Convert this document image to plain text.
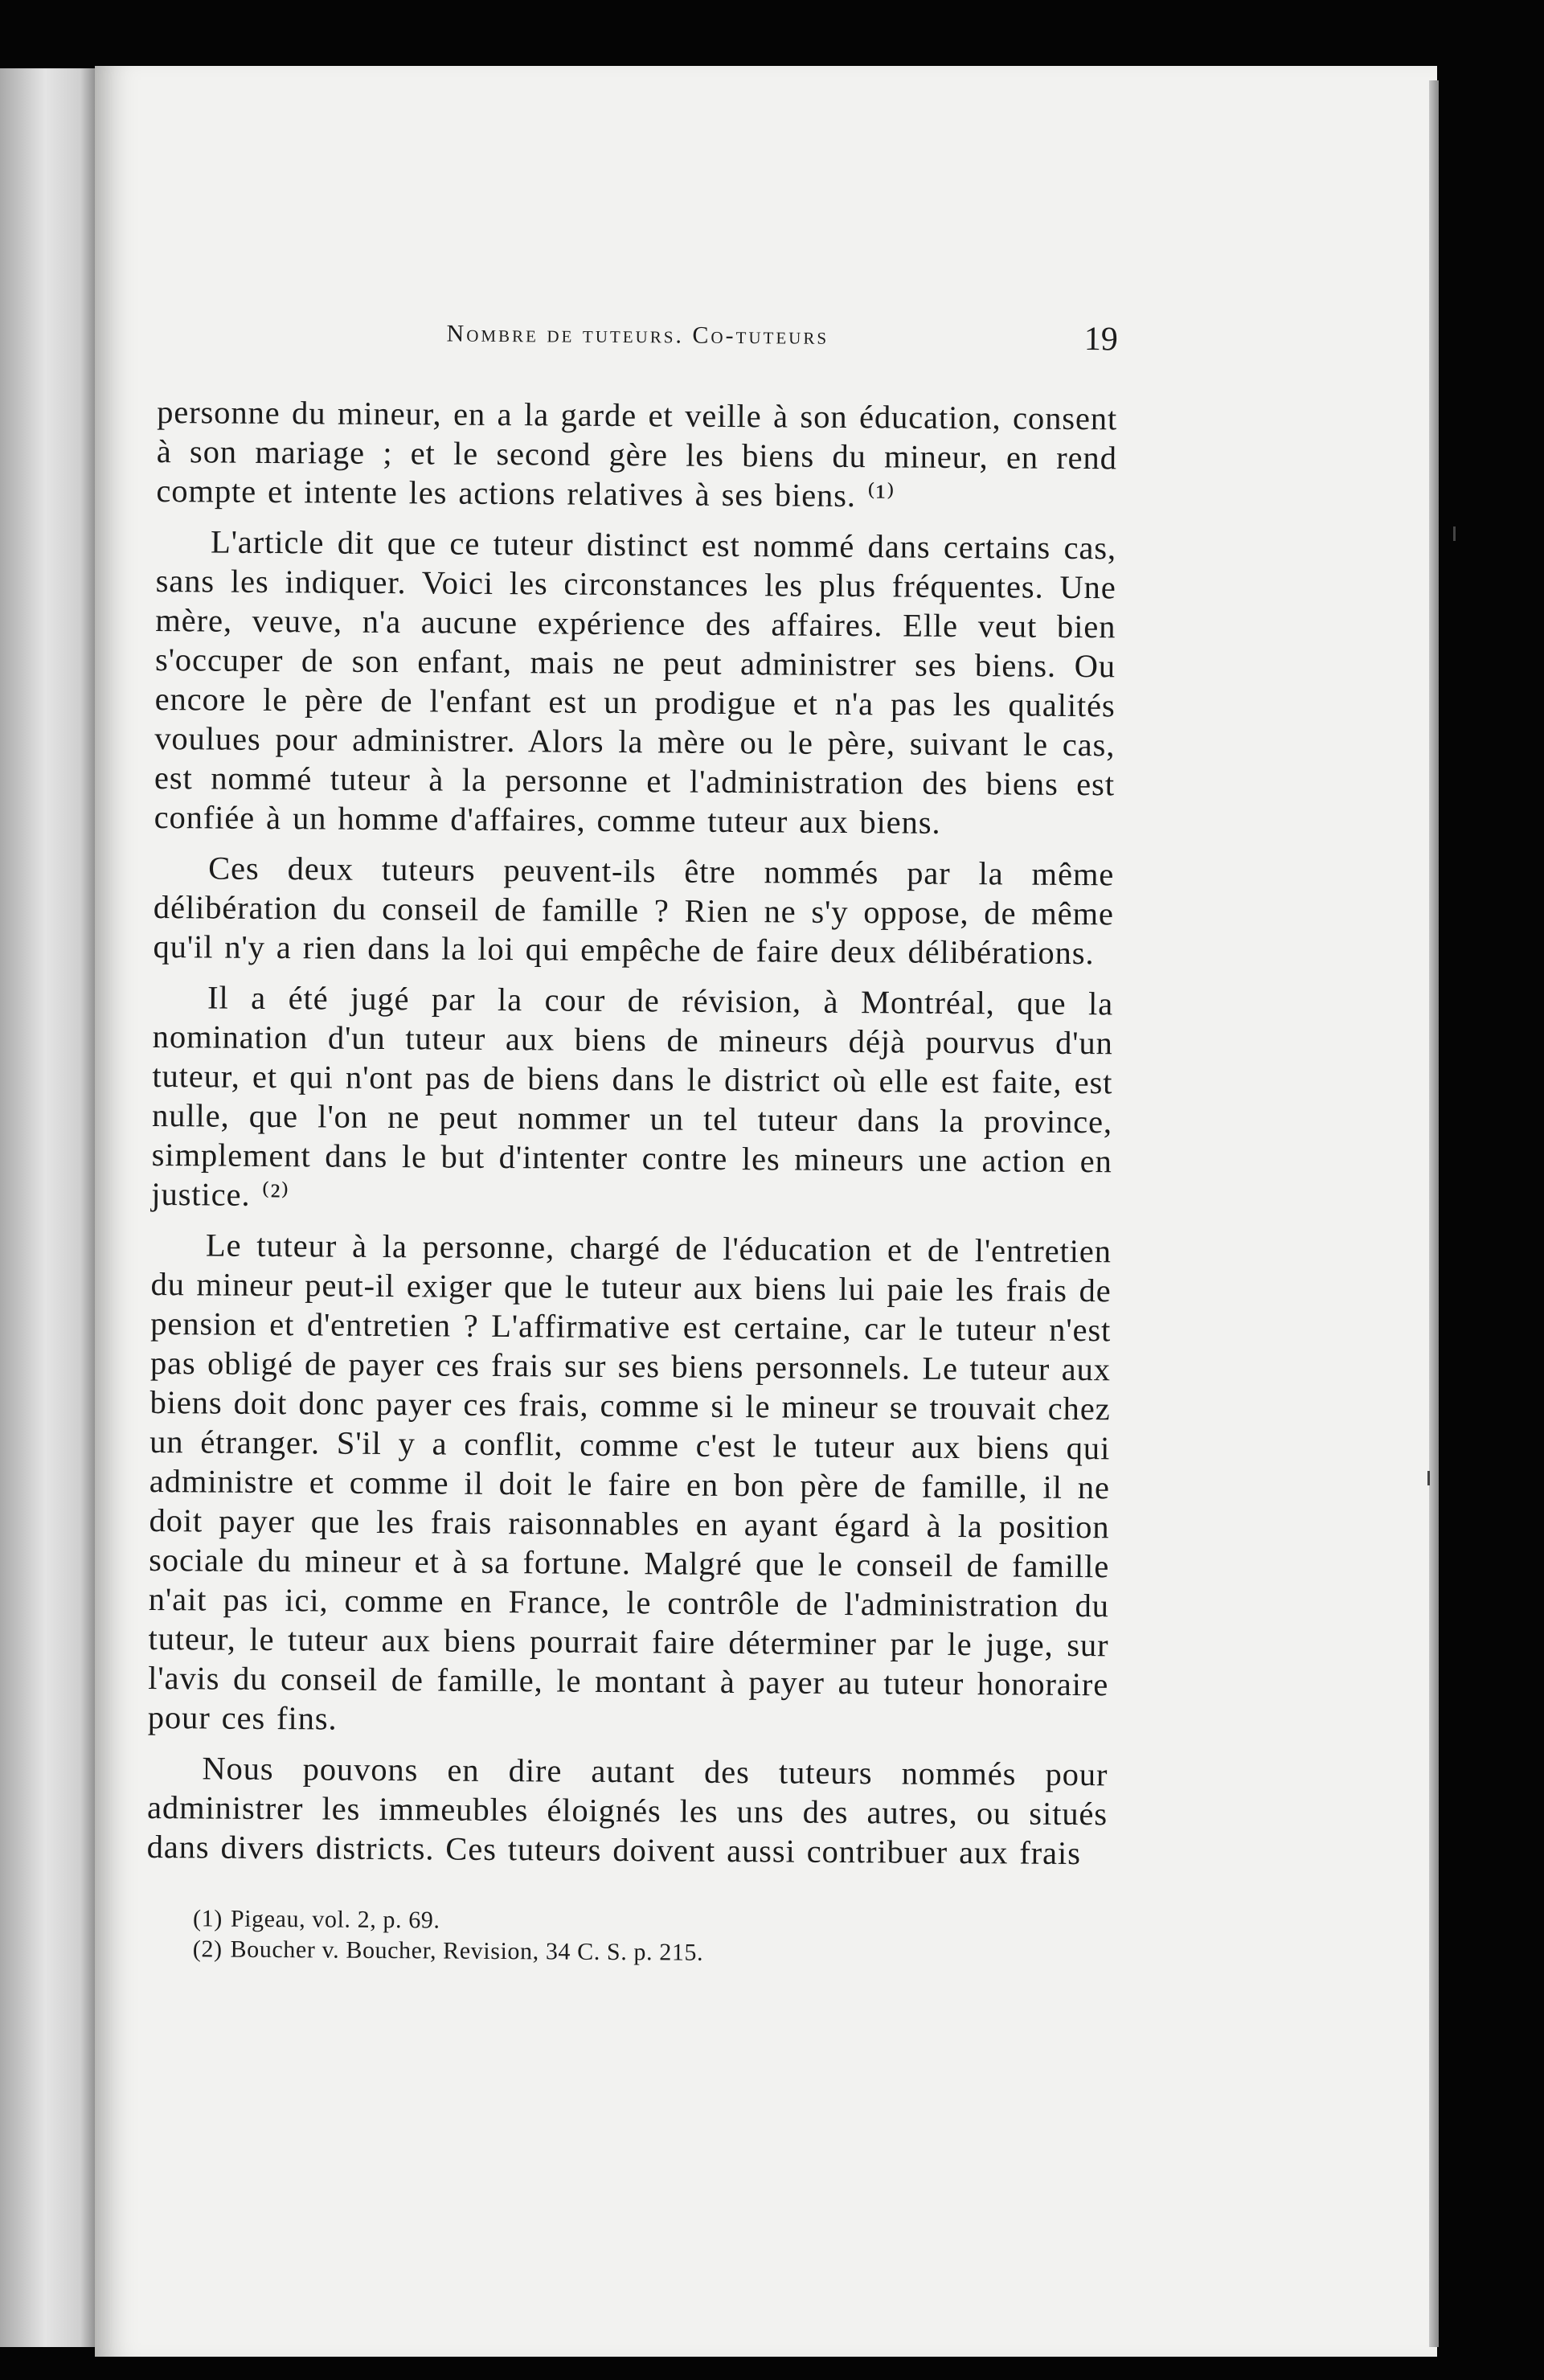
Nombre de tuteurs. Co-tuteurs	19

personne du mineur, en a la garde et veille à son éducation, consent à son mariage ; et le second gère les biens du mineur, en rend compte et intente les actions relatives à ses biens. ⁽¹⁾

L'article dit que ce tuteur distinct est nommé dans certains cas, sans les indiquer. Voici les circonstances les plus fréquentes. Une mère, veuve, n'a aucune expérience des affaires. Elle veut bien s'occuper de son enfant, mais ne peut administrer ses biens. Ou encore le père de l'enfant est un prodigue et n'a pas les qualités voulues pour administrer. Alors la mère ou le père, suivant le cas, est nommé tuteur à la personne et l'administration des biens est confiée à un homme d'affaires, comme tuteur aux biens.

Ces deux tuteurs peuvent-ils être nommés par la même délibération du conseil de famille ? Rien ne s'y oppose, de même qu'il n'y a rien dans la loi qui empêche de faire deux délibérations.

Il a été jugé par la cour de révision, à Montréal, que la nomination d'un tuteur aux biens de mineurs déjà pourvus d'un tuteur, et qui n'ont pas de biens dans le district où elle est faite, est nulle, que l'on ne peut nommer un tel tuteur dans la province, simplement dans le but d'intenter contre les mineurs une action en justice. ⁽²⁾

Le tuteur à la personne, chargé de l'éducation et de l'entretien du mineur peut-il exiger que le tuteur aux biens lui paie les frais de pension et d'entretien ? L'affirmative est certaine, car le tuteur n'est pas obligé de payer ces frais sur ses biens personnels. Le tuteur aux biens doit donc payer ces frais, comme si le mineur se trouvait chez un étranger. S'il y a conflit, comme c'est le tuteur aux biens qui administre et comme il doit le faire en bon père de famille, il ne doit payer que les frais raisonnables en ayant égard à la position sociale du mineur et à sa fortune. Malgré que le conseil de famille n'ait pas ici, comme en France, le contrôle de l'administration du tuteur, le tuteur aux biens pourrait faire déterminer par le juge, sur l'avis du conseil de famille, le montant à payer au tuteur honoraire pour ces fins.

Nous pouvons en dire autant des tuteurs nommés pour administrer les immeubles éloignés les uns des autres, ou situés dans divers districts. Ces tuteurs doivent aussi contribuer aux frais

(1) Pigeau, vol. 2, p. 69.

(2) Boucher v. Boucher, Revision, 34 C. S. p. 215.
